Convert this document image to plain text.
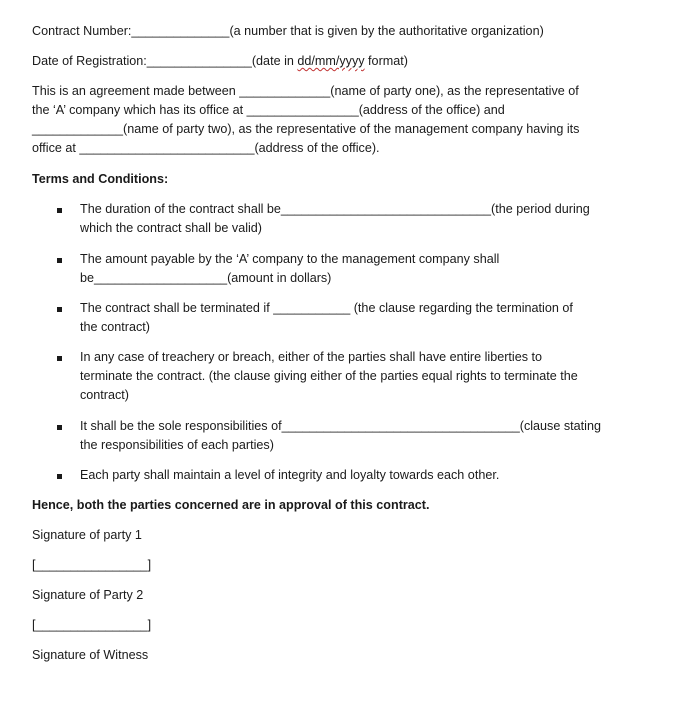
Contract Number:______________(a number that is given by the authoritative organization)
Date of Registration:_______________(date in dd/mm/yyyy format)
This is an agreement made between _____________(name of party one), as the representative of
the ‘A’ company which has its office at ________________(address of the office) and
_____________(name of party two), as the representative of the management company having its
office at _________________________(address of the office).
Terms and Conditions:
The duration of the contract shall be______________________________(the period during
which the contract shall be valid)
The amount payable by the ‘A’ company to the management company shall
be___________________(amount in dollars)
The contract shall be terminated if ___________ (the clause regarding the termination of
the contract)
In any case of treachery or breach, either of the parties shall have entire liberties to
terminate the contract. (the clause giving either of the parties equal rights to terminate the
contract)
It shall be the sole responsibilities of__________________________________(clause stating
the responsibilities of each parties)
Each party shall maintain a level of integrity and loyalty towards each other.
Hence, both the parties concerned are in approval of this contract.
Signature of party 1
[________________]
Signature of Party 2
[________________]
Signature of Witness
